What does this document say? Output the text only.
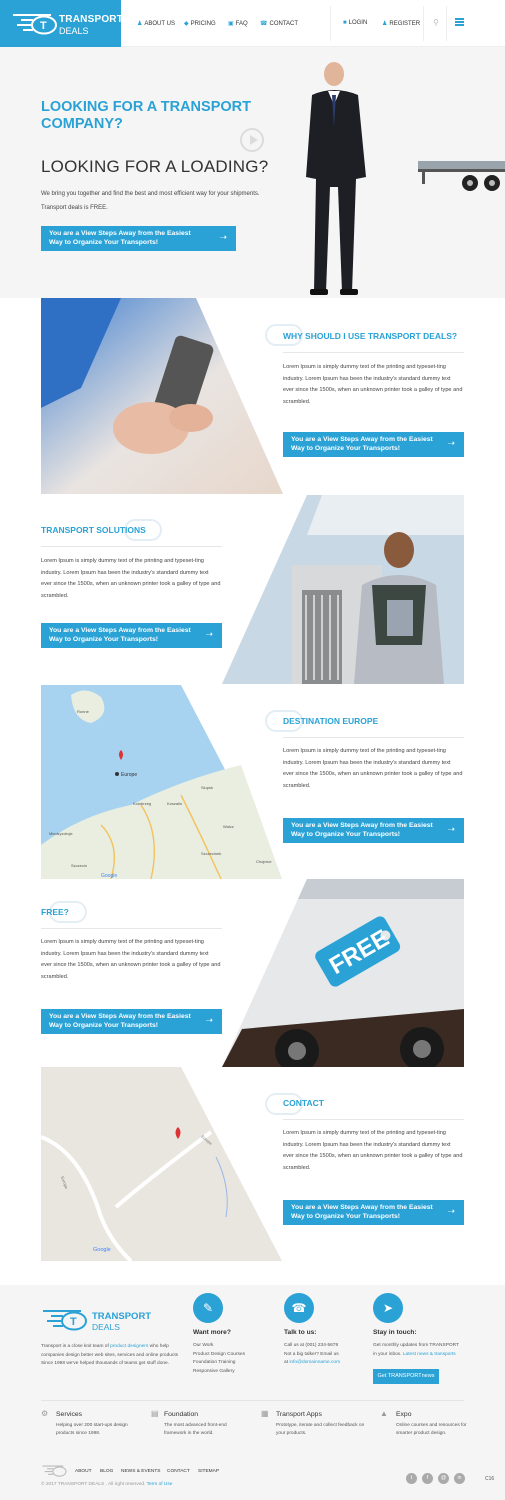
T
TRANSPORT
DEALS
♟ ABOUT US ◆ PRICING ▣ FAQ ☎ CONTACT	■ LOGIN ♟ REGISTER ⚲
LOOKING FOR A TRANSPORT COMPANY?
LOOKING FOR A LOADING?
We bring you together and find the best and most efficient way for your shipments.
Transport deals is FREE.
You are a View Steps Away from the Easiest Way to Organize Your Transports!	➝
WHY SHOULD I USE TRANSPORT DEALS?
Lorem Ipsum is simply dummy text of the printing and typeset-ting industry. Lorem Ipsum has been the industry's standard dummy text ever since the 1500s, when an unknown printer took a galley of type and scrambled.
You are a View Steps Away from the Easiest Way to Organize Your Transports!	➝
TRANSPORT SOLUTIONS
Lorem Ipsum is simply dummy text of the printing and typeset-ting industry. Lorem Ipsum has been the industry's standard dummy text ever since the 1500s, when an unknown printer took a galley of type and scrambled.
You are a View Steps Away from the Easiest Way to Organize Your Transports!	➝
Europe
Ronne
Kolobrzeg	Koszalin
Slupsk
Walcz
Szczecinek
Miedzyzdroje
Szczecin
Chojnice
Google
DESTINATION EUROPE
Lorem Ipsum is simply dummy text of the printing and typeset-ting industry. Lorem Ipsum has been the industry's standard dummy text ever since the 1500s, when an unknown printer took a galley of type and scrambled.
You are a View Steps Away from the Easiest Way to Organize Your Transports!	➝
FREE?
Lorem Ipsum is simply dummy text of the printing and typeset-ting industry. Lorem Ipsum has been the industry's standard dummy text ever since the 1500s, when an unknown printer took a galley of type and scrambled.
You are a View Steps Away from the Easiest Way to Organize Your Transports!	➝
FREE
Europe
Europe
Google
CONTACT
Lorem Ipsum is simply dummy text of the printing and typeset-ting industry. Lorem Ipsum has been the industry's standard dummy text ever since the 1500s, when an unknown printer took a galley of type and scrambled.
You are a View Steps Away from the Easiest Way to Organize Your Transports!	➝
T TRANSPORT
DEALS
Transport is a close knit team of product designers who help companies design better web sites, services and online products Since 1998 we've helped thousands of teams get stuff done.
✎
Want more?
Our Work
Product Design Courses
Foundation Training
Responsive Gallery
☎
Talk to us:
Call us at (001) 234-5678
Not a big talker? Email us
at info@domainname.com
➤
Stay in touch:
Get monthly updates from TRANSPORT
in your inbox. Latest news & transports
Get TRANSPORTnews
⚙ Services
Helping over 200 start-ups design products since 1998.
▤ Foundation
The most advanced front-end framework in the world.
▦ Transport Apps
Prototype, iterate and collect feedback on your products.
▲ Expo
Online courses and resources for smarter product design.
ABOUT BLOG NEWS & EVENTS CONTACT SITEMAP
© 2017 TRANSPORT DEALS . All right reserved. Term of Use
t	f	@	in	C16
